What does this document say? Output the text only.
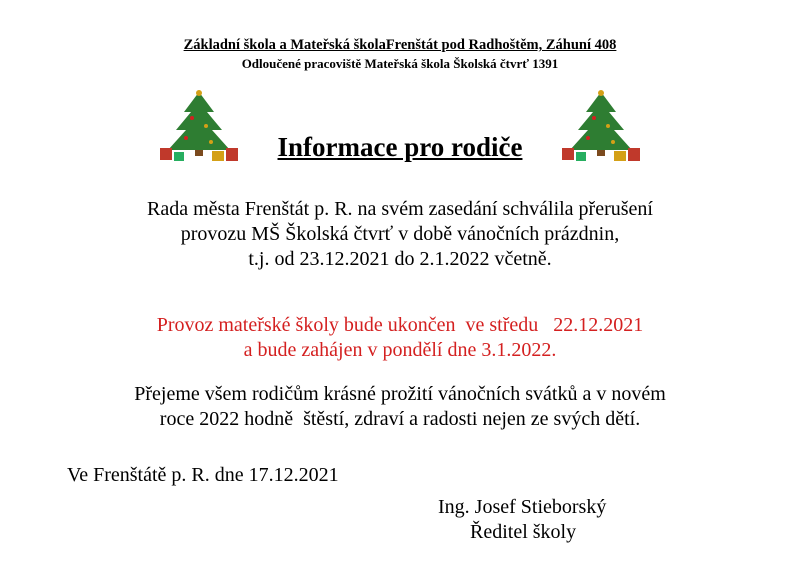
Základní škola a Mateřská školaFrenštát pod Radhoštěm, Záhuní 408
Odloučené pracoviště Mateřská škola Školská čtvrť 1391
Informace pro rodiče
Rada města Frenštát p. R. na svém zasedání schválila přerušení
provozu MŠ Školská čtvrť v době vánočních prázdnin,
t.j. od 23.12.2021 do 2.1.2022 včetně.
Provoz mateřské školy bude ukončen  ve středu   22.12.2021
a bude zahájen v pondělí dne 3.1.2022.
Přejeme všem rodičům krásné prožití vánočních svátků a v novém
roce 2022 hodně  štěstí, zdraví a radosti nejen ze svých dětí.
Ve Frenštátě p. R. dne 17.12.2021
Ing. Josef Stieborský
Ředitel školy
